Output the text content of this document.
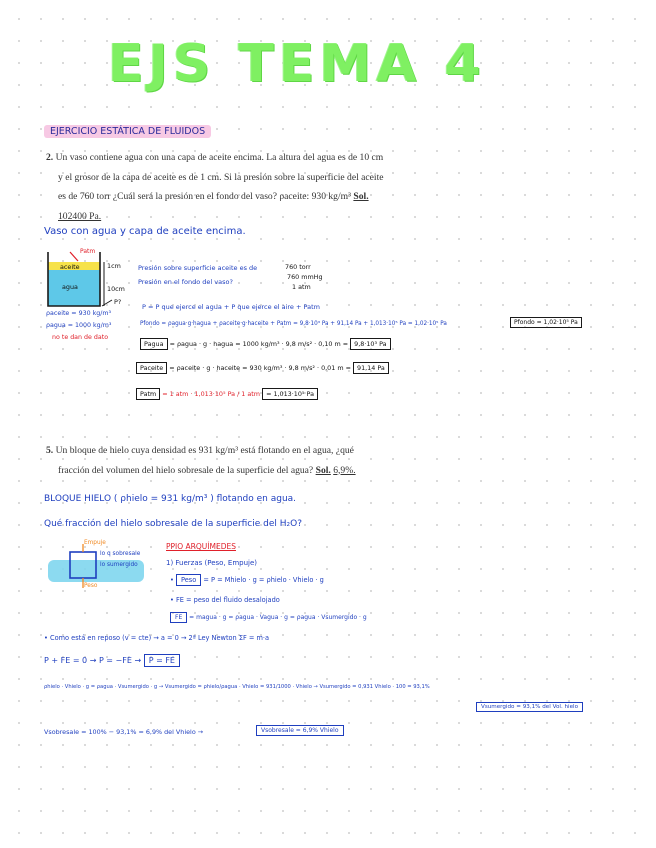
EJS TEMA 4
EJERCICIO ESTÁTICA DE FLUIDOS
2. Un vaso contiene agua con una capa de aceite encima. La altura del agua es de 10 cm
y el grosor de la capa de aceite es de 1 cm. Si la presión sobre la superficie del aceite
es de 760 torr ¿Cuál será la presión en el fondo del vaso? ρaceite: 930 kg/m³ Sol.
102400 Pa.
Vaso con agua y capa de aceite encima.
Patm
aceite
agua
1cm
10cm
P?
ρaceite = 930 kg/m³
ρagua = 1000 kg/m³
no te dan de dato
Presión sobre superficie aceite es de
Presión en el fondo del vaso?
760 torr
760 mmHg
1 atm
P = P que ejerce el agua + P que ejerce el aire + Patm
Pfondo = ρagua·g·hagua + ρaceite·g·haceite + Patm = 9,8·10³ Pa + 91,14 Pa + 1,013·10⁵ Pa = 1,02·10⁵ Pa	Pfondo = 1,02·10⁵ Pa
Pagua = ρagua · g · hagua = 1000 kg/m³ · 9,8 m/s² · 0,10 m = 9,8·10³ Pa
Paceite = ρaceite · g · haceite = 930 kg/m³ · 9,8 m/s² · 0,01 m = 91,14 Pa
Patm = 1 atm · 1,013·10⁵ Pa / 1 atm = 1,013·10⁵ Pa
5. Un bloque de hielo cuya densidad es 931 kg/m³ está flotando en el agua, ¿qué
fracción del volumen del hielo sobresale de la superficie del agua? Sol. 6,9%.
BLOQUE HIELO ( ρhielo = 931 kg/m³ ) flotando en agua.
Qué fracción del hielo sobresale de la superficie del H₂O?
Empuje
Peso
lo q sobresale
lo sumergido
PPIO ARQUÍMEDES
1) Fuerzas (Peso, Empuje)
• Peso = P = Mhielo · g = ρhielo · Vhielo · g
• FE = peso del fluido desalojado
FE = magua · g = ρagua · Vagua · g = ρagua · Vsumergido · g
• Como está en reposo (v = cte) → a = 0 → 2ª Ley Newton ΣF = m·a
P + FE = 0 → P = −FE → P = FE
ρhielo · Vhielo · g = ρagua · Vsumergido · g → Vsumergido = ρhielo/ρagua · Vhielo = 931/1000 · Vhielo → Vsumergido = 0,931 Vhielo · 100 = 93,1%
Vsumergido = 93,1% del Vol. hielo
Vsobresale = 100% − 93,1% = 6,9% del Vhielo →	Vsobresale = 6,9% Vhielo
